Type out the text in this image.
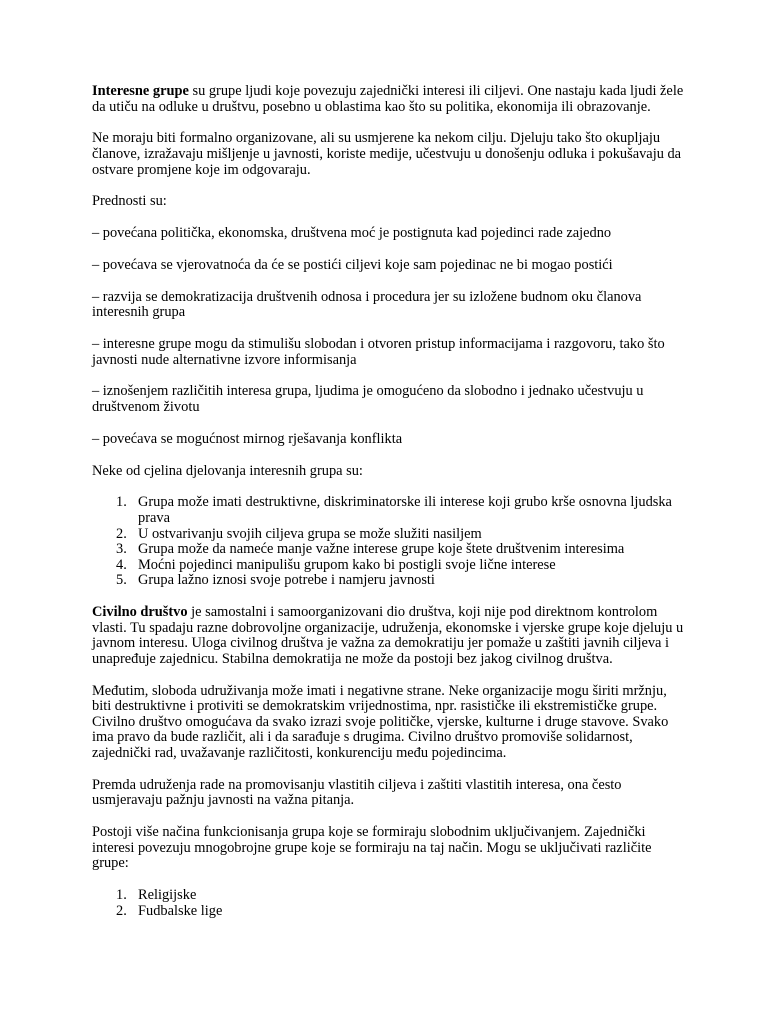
Interesne grupe su grupe ljudi koje povezuju zajednički interesi ili ciljevi. One nastaju kada ljudi žele da utiču na odluke u društvu, posebno u oblastima kao što su politika, ekonomija ili obrazovanje.

Ne moraju biti formalno organizovane, ali su usmjerene ka nekom cilju. Djeluju tako što okupljaju članove, izražavaju mišljenje u javnosti, koriste medije, učestvuju u donošenju odluka i pokušavaju da ostvare promjene koje im odgovaraju.

Prednosti su:

– povećana politička, ekonomska, društvena moć je postignuta kad pojedinci rade zajedno

– povećava se vjerovatnoća da će se postići ciljevi koje sam pojedinac ne bi mogao postići

– razvija se demokratizacija društvenih odnosa i procedura jer su izložene budnom oku članova interesnih grupa

– interesne grupe mogu da stimulišu slobodan i otvoren pristup informacijama i razgovoru, tako što javnosti nude alternativne izvore informisanja

– iznošenjem različitih interesa grupa, ljudima je omogućeno da slobodno i jednako učestvuju u društvenom životu

– povećava se mogućnost mirnog rješavanja konflikta

Neke od cjelina djelovanja interesnih grupa su:

1. Grupa može imati destruktivne, diskriminatorske ili interese koji grubo krše osnovna ljudska prava
2. U ostvarivanju svojih ciljeva grupa se može služiti nasiljem
3. Grupa može da nameće manje važne interese grupe koje štete društvenim interesima
4. Moćni pojedinci manipulišu grupom kako bi postigli svoje lične interese
5. Grupa lažno iznosi svoje potrebe i namjeru javnosti

Civilno društvo je samostalni i samoorganizovani dio društva, koji nije pod direktnom kontrolom vlasti. Tu spadaju razne dobrovoljne organizacije, udruženja, ekonomske i vjerske grupe koje djeluju u javnom interesu. Uloga civilnog društva je važna za demokratiju jer pomaže u zaštiti javnih ciljeva i unapređuje zajednicu. Stabilna demokratija ne može da postoji bez jakog civilnog društva.

Međutim, sloboda udruživanja može imati i negativne strane. Neke organizacije mogu širiti mržnju, biti destruktivne i protiviti se demokratskim vrijednostima, npr. rasističke ili ekstremističke grupe. Civilno društvo omogućava da svako izrazi svoje političke, vjerske, kulturne i druge stavove. Svako ima pravo da bude različit, ali i da sarađuje s drugima. Civilno društvo promoviše solidarnost, zajednički rad, uvažavanje različitosti, konkurenciju među pojedincima.

Premda udruženja rade na promovisanju vlastitih ciljeva i zaštiti vlastitih interesa, ona često usmjeravaju pažnju javnosti na važna pitanja.

Postoji više načina funkcionisanja grupa koje se formiraju slobodnim uključivanjem. Zajednički interesi povezuju mnogobrojne grupe koje se formiraju na taj način. Mogu se uključivati različite grupe:

1. Religijske
2. Fudbalske lige
